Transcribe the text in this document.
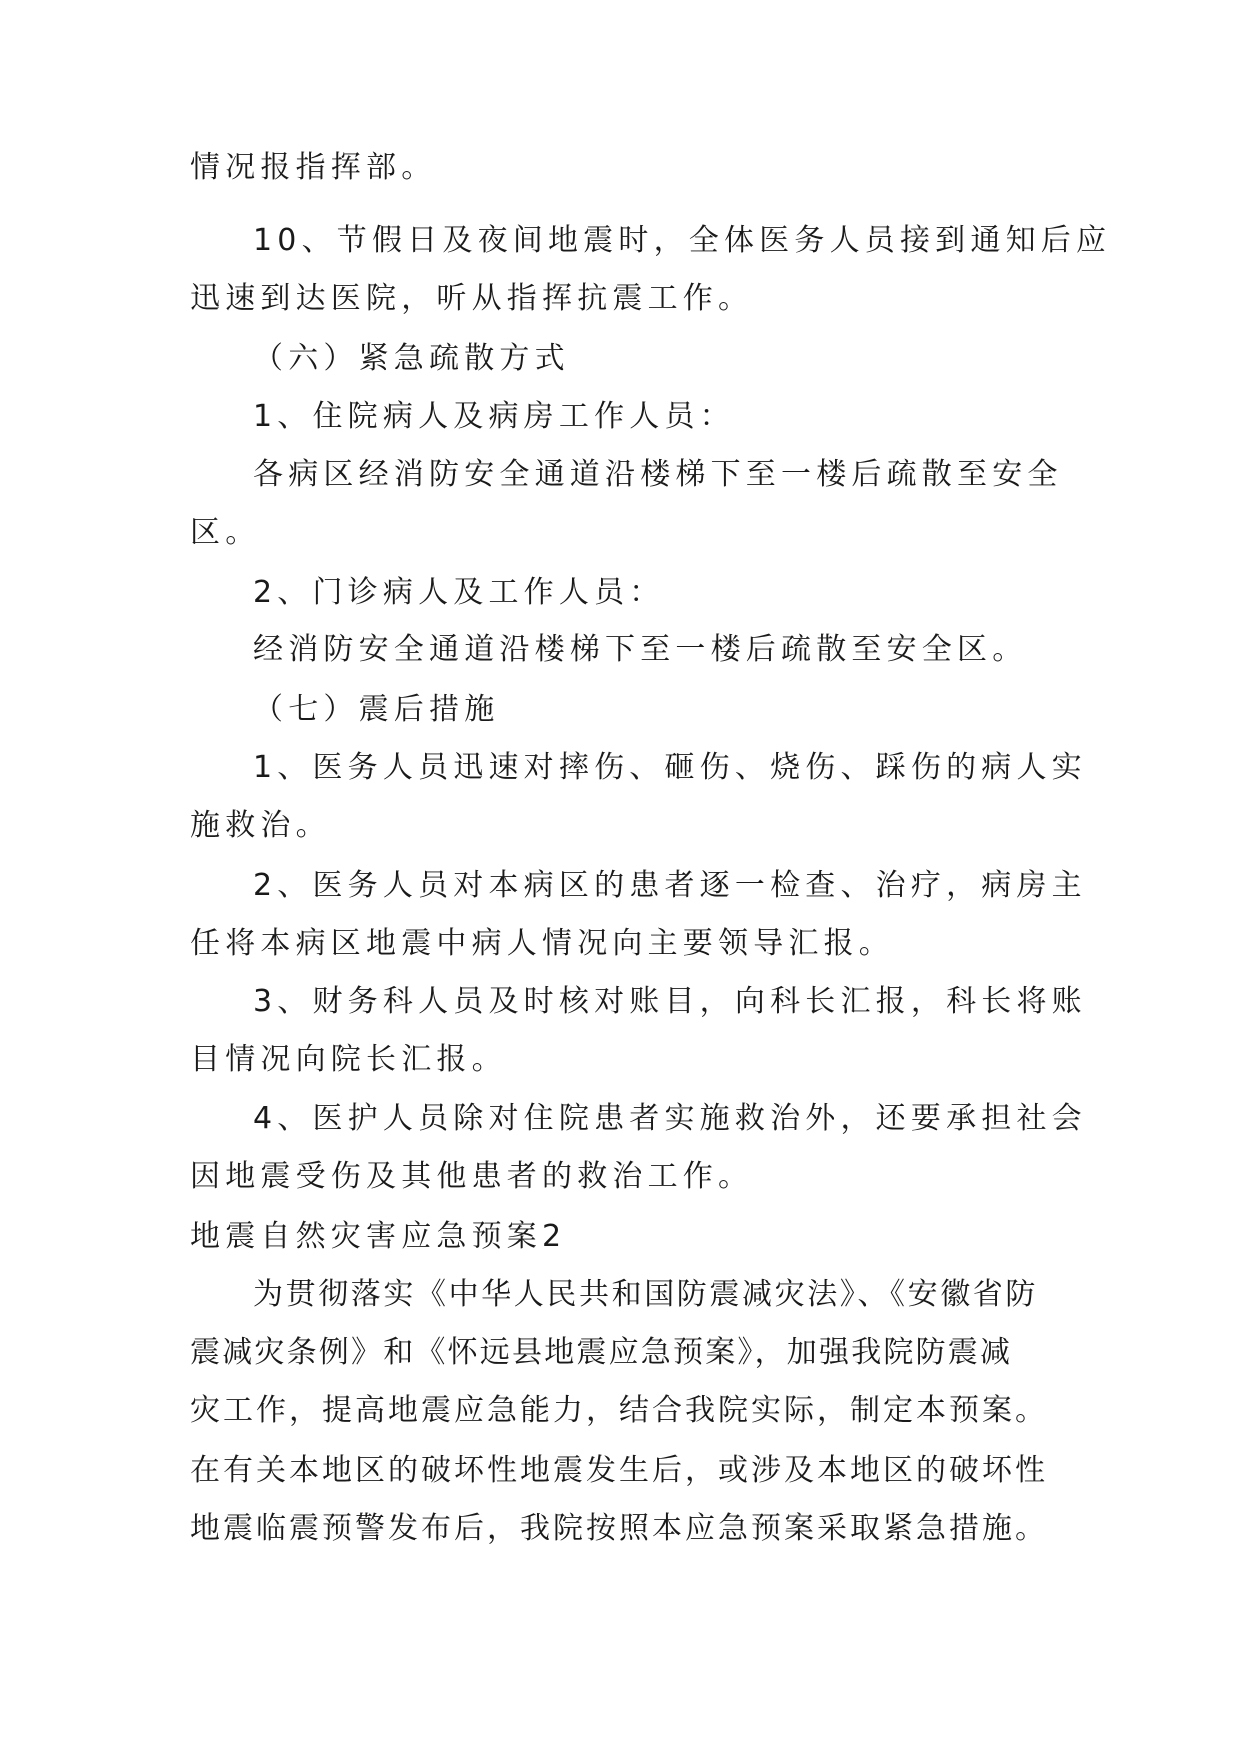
情况报指挥部。
10、节假日及夜间地震时，全体医务人员接到通知后应
迅速到达医院，听从指挥抗震工作。
（六）紧急疏散方式
1、住院病人及病房工作人员：
各病区经消防安全通道沿楼梯下至一楼后疏散至安全
区。
2、门诊病人及工作人员：
经消防安全通道沿楼梯下至一楼后疏散至安全区。
（七）震后措施
1、医务人员迅速对摔伤、砸伤、烧伤、踩伤的病人实
施救治。
2、医务人员对本病区的患者逐一检查、治疗，病房主
任将本病区地震中病人情况向主要领导汇报。
3、财务科人员及时核对账目，向科长汇报，科长将账
目情况向院长汇报。
4、医护人员除对住院患者实施救治外，还要承担社会
因地震受伤及其他患者的救治工作。
地震自然灾害应急预案2
为贯彻落实《中华人民共和国防震减灾法》、《安徽省防
震减灾条例》和《怀远县地震应急预案》，加强我院防震减
灾工作，提高地震应急能力，结合我院实际，制定本预案。
在有关本地区的破坏性地震发生后，或涉及本地区的破坏性
地震临震预警发布后，我院按照本应急预案采取紧急措施。
